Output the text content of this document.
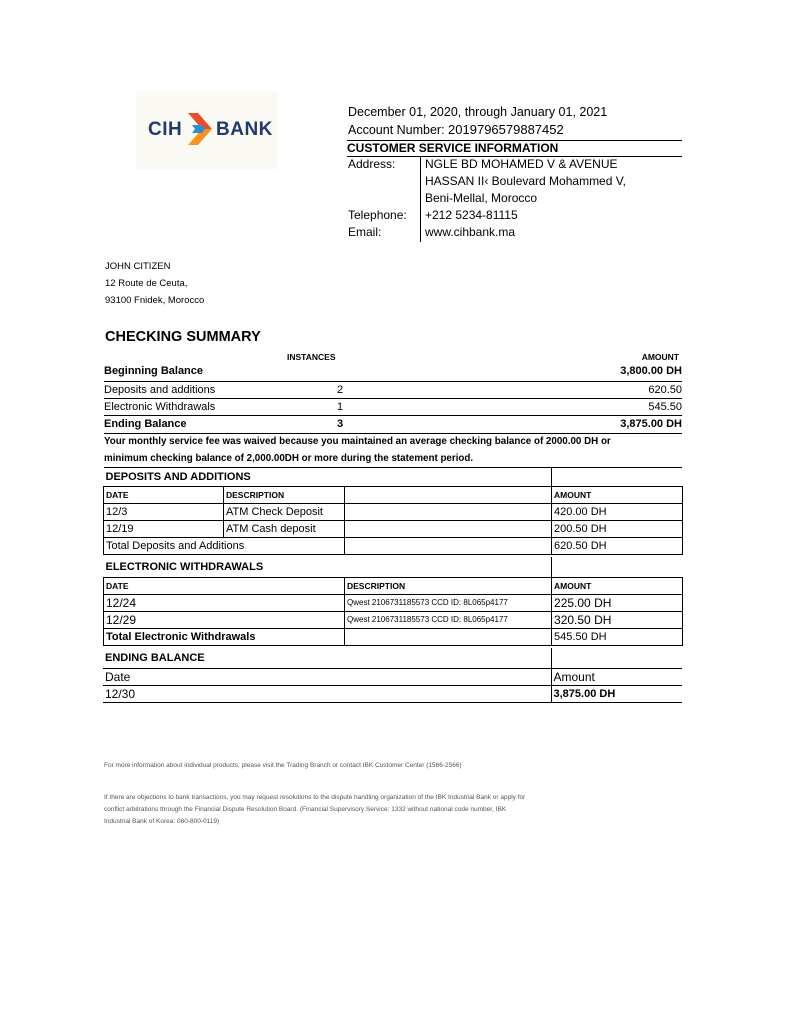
CIH BANK
December 01, 2020, through January 01, 2021
Account Number: 2019796579887452
CUSTOMER SERVICE INFORMATION
Address: NGLE BD MOHAMED V & AVENUE
HASSAN II‹ Boulevard Mohammed V,
Beni-Mellal, Morocco
Telephone: +212 5234-81115
Email:	www.cihbank.ma
JOHN CITIZEN
12 Route de Ceuta,
93100 Fnidek, Morocco
CHECKING SUMMARY
INSTANCES	AMOUNT
Beginning Balance	3,800.00 DH
Deposits and additions	2	620.50
Electronic Withdrawals	1	545.50
Ending Balance	3	3,875.00 DH
Your monthly service fee was waived because you maintained an average checking balance of 2000.00 DH or
minimum checking balance of 2,000.00DH or more during the statement period.
DEPOSITS AND ADDITIONS			
DATE	DESCRIPTION		AMOUNT
12/3	ATM Check Deposit		420.00 DH
12/19	ATM Cash deposit		200.50 DH
Total Deposits and Additions			620.50 DH
ELECTRONIC WITHDRAWALS		
DATE	DESCRIPTION	AMOUNT
12/24	Qwest 2106731185573 CCD ID: 8L065p4177	225.00 DH
12/29	Qwest 2106731185573 CCD ID: 8L065p4177	320.50 DH
Total Electronic Withdrawals		545.50 DH
ENDING BALANCE	
Date	Amount
12/30	3,875.00 DH
For more information about individual products, please visit the Trading Branch or contact IBK Customer Center (1566-2566)
If there are objections to bank transactions, you may request resolutions to the dispute handling organization of the IBK Industrial Bank or apply for
conflict arbitrations through the Financial Dispute Resolution Board. (Financial Supervisory Service: 1332 without national code number, IBK
Industrial Bank of Korea: 080-800-0119)
